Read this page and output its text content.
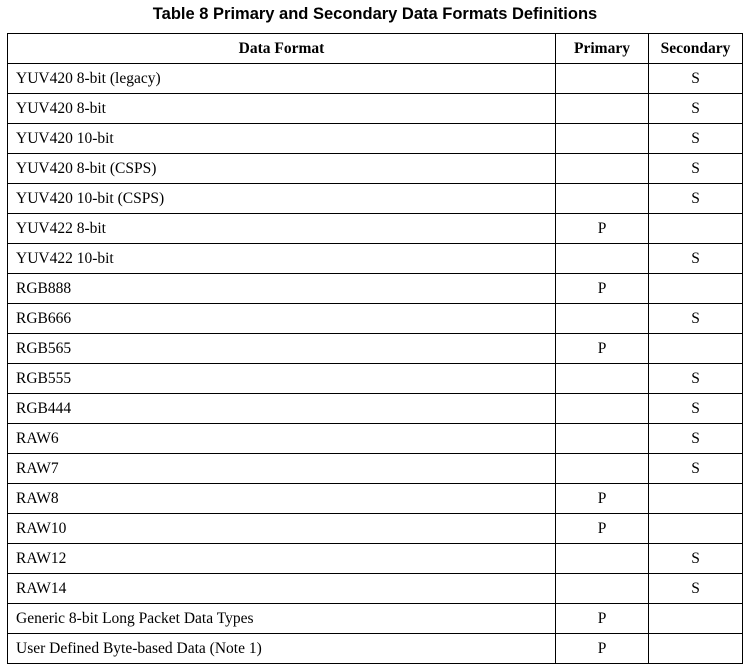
Table 8 Primary and Secondary Data Formats Definitions
Data Format	Primary	Secondary
YUV420 8-bit (legacy)		S
YUV420 8-bit		S
YUV420 10-bit		S
YUV420 8-bit (CSPS)		S
YUV420 10-bit (CSPS)		S
YUV422 8-bit	P	
YUV422 10-bit		S
RGB888	P	
RGB666		S
RGB565	P	
RGB555		S
RGB444		S
RAW6		S
RAW7		S
RAW8	P	
RAW10	P	
RAW12		S
RAW14		S
Generic 8-bit Long Packet Data Types	P	
User Defined Byte-based Data (Note 1)	P	
